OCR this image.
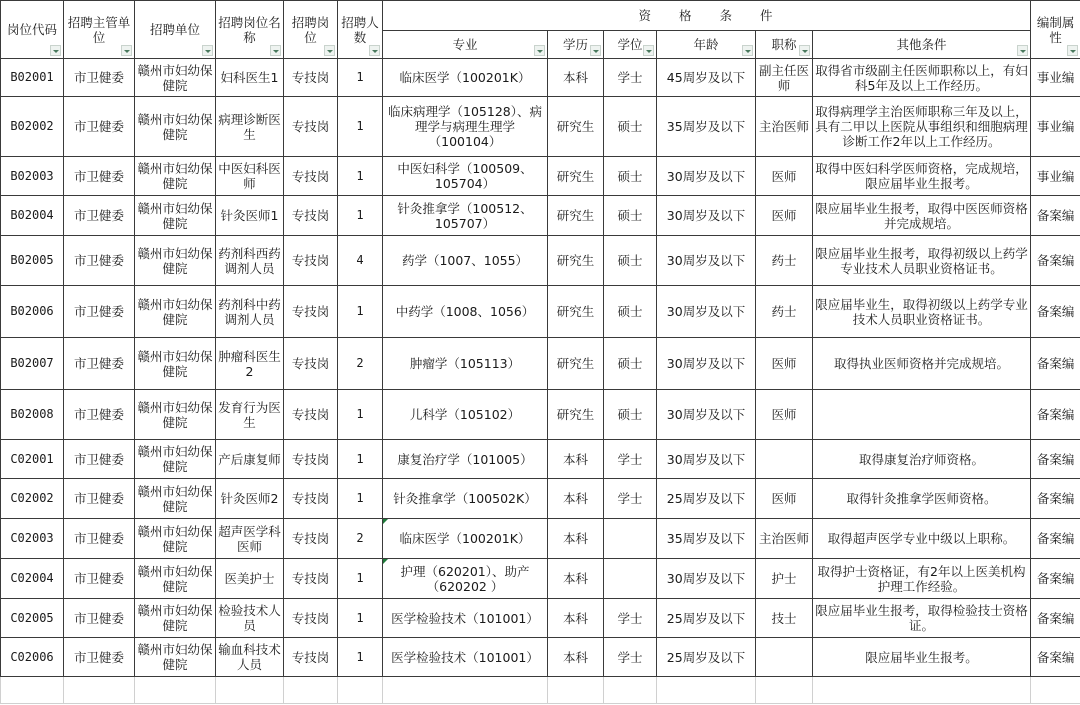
岗位代码	招聘主管单位	招聘单位	招聘岗位名称	招聘岗位	招聘人数	资格条件						编制属性

						专业	学历	学位	年龄	职称	其他条件	

B02001	市卫健委	赣州市妇幼保健院	妇科医生1	专技岗	1	临床医学（100201K）	本科	学士	45周岁及以下	副主任医师	取得省市级副主任医师职称以上，有妇科5年及以上工作经历。	事业编
B02002	市卫健委	赣州市妇幼保健院	病理诊断医生	专技岗	1	临床病理学（105128）、病理学与病理生理学（100104）	研究生	硕士	35周岁及以下	主治医师	取得病理学主治医师职称三年及以上，具有二甲以上医院从事组织和细胞病理诊断工作2年以上工作经历。	事业编
B02003	市卫健委	赣州市妇幼保健院	中医妇科医师	专技岗	1	中医妇科学（100509、105704）	研究生	硕士	30周岁及以下	医师	取得中医妇科学医师资格，完成规培，限应届毕业生报考。	事业编
B02004	市卫健委	赣州市妇幼保健院	针灸医师1	专技岗	1	针灸推拿学（100512、105707）	研究生	硕士	30周岁及以下	医师	限应届毕业生报考，取得中医医师资格并完成规培。	备案编
B02005	市卫健委	赣州市妇幼保健院	药剂科西药调剂人员	专技岗	4	药学（1007、1055）	研究生	硕士	30周岁及以下	药士	限应届毕业生报考，取得初级以上药学专业技术人员职业资格证书。	备案编
B02006	市卫健委	赣州市妇幼保健院	药剂科中药调剂人员	专技岗	1	中药学（1008、1056）	研究生	硕士	30周岁及以下	药士	限应届毕业生，取得初级以上药学专业技术人员职业资格证书。	备案编
B02007	市卫健委	赣州市妇幼保健院	肿瘤科医生2	专技岗	2	肿瘤学（105113）	研究生	硕士	30周岁及以下	医师	取得执业医师资格并完成规培。	备案编
B02008	市卫健委	赣州市妇幼保健院	发育行为医生	专技岗	1	儿科学（105102）	研究生	硕士	30周岁及以下	医师		备案编
C02001	市卫健委	赣州市妇幼保健院	产后康复师	专技岗	1	康复治疗学（101005）	本科	学士	30周岁及以下		取得康复治疗师资格。	备案编
C02002	市卫健委	赣州市妇幼保健院	针灸医师2	专技岗	1	针灸推拿学（100502K）	本科	学士	25周岁及以下	医师	取得针灸推拿学医师资格。	备案编
C02003	市卫健委	赣州市妇幼保健院	超声医学科医师	专技岗	2	临床医学（100201K）	本科		35周岁及以下	主治医师	取得超声医学专业中级以上职称。	备案编
C02004	市卫健委	赣州市妇幼保健院	医美护士	专技岗	1	护理（620201）、助产（620202 ）	本科		30周岁及以下	护士	取得护士资格证，有2年以上医美机构护理工作经验。	备案编
C02005	市卫健委	赣州市妇幼保健院	检验技术人员	专技岗	1	医学检验技术（101001）	本科	学士	25周岁及以下	技士	限应届毕业生报考，取得检验技士资格证。	备案编
C02006	市卫健委	赣州市妇幼保健院	输血科技术人员	专技岗	1	医学检验技术（101001）	本科	学士	25周岁及以下		限应届毕业生报考。	备案编
